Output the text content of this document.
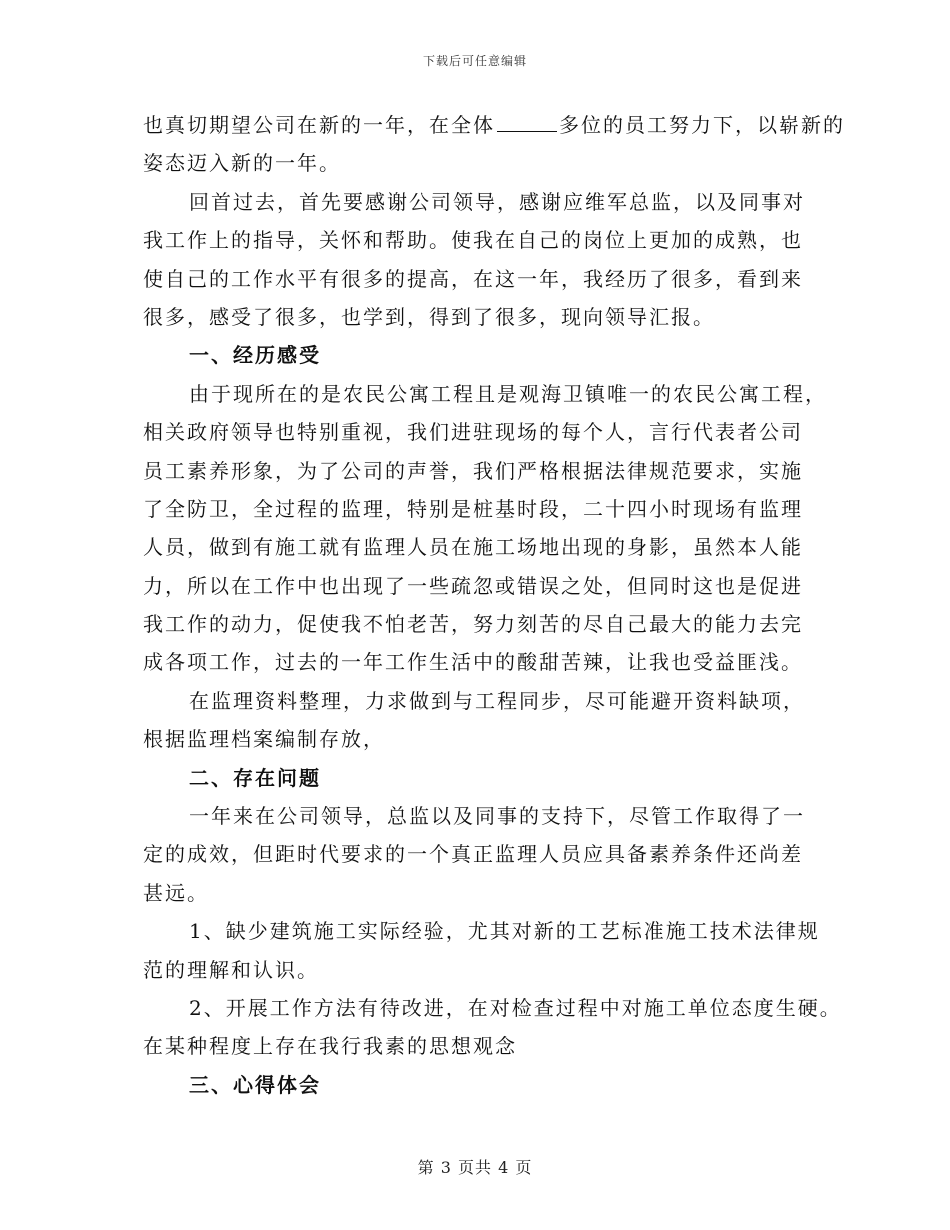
下载后可任意编辑
也真切期望公司在新的一年，在全体	多位的员工努力下，以崭新的
姿态迈入新的一年。
回首过去，首先要感谢公司领导，感谢应维军总监，以及同事对
我工作上的指导，关怀和帮助。使我在自己的岗位上更加的成熟，也
使自己的工作水平有很多的提高，在这一年，我经历了很多，看到来
很多，感受了很多，也学到，得到了很多，现向领导汇报。
一、经历感受
由于现所在的是农民公寓工程且是观海卫镇唯一的农民公寓工程，
相关政府领导也特别重视，我们进驻现场的每个人，言行代表者公司
员工素养形象，为了公司的声誉，我们严格根据法律规范要求，实施
了全防卫，全过程的监理，特别是桩基时段，二十四小时现场有监理
人员，做到有施工就有监理人员在施工场地出现的身影，虽然本人能
力，所以在工作中也出现了一些疏忽或错误之处，但同时这也是促进
我工作的动力，促使我不怕老苦，努力刻苦的尽自己最大的能力去完
成各项工作，过去的一年工作生活中的酸甜苦辣，让我也受益匪浅。
在监理资料整理，力求做到与工程同步，尽可能避开资料缺项，
根据监理档案编制存放，
二、存在问题
一年来在公司领导，总监以及同事的支持下，尽管工作取得了一
定的成效，但距时代要求的一个真正监理人员应具备素养条件还尚差
甚远。
1、缺少建筑施工实际经验，尤其对新的工艺标准施工技术法律规
范的理解和认识。
2、开展工作方法有待改进，在对检查过程中对施工单位态度生硬。
在某种程度上存在我行我素的思想观念
三、心得体会
第 3 页共 4 页
